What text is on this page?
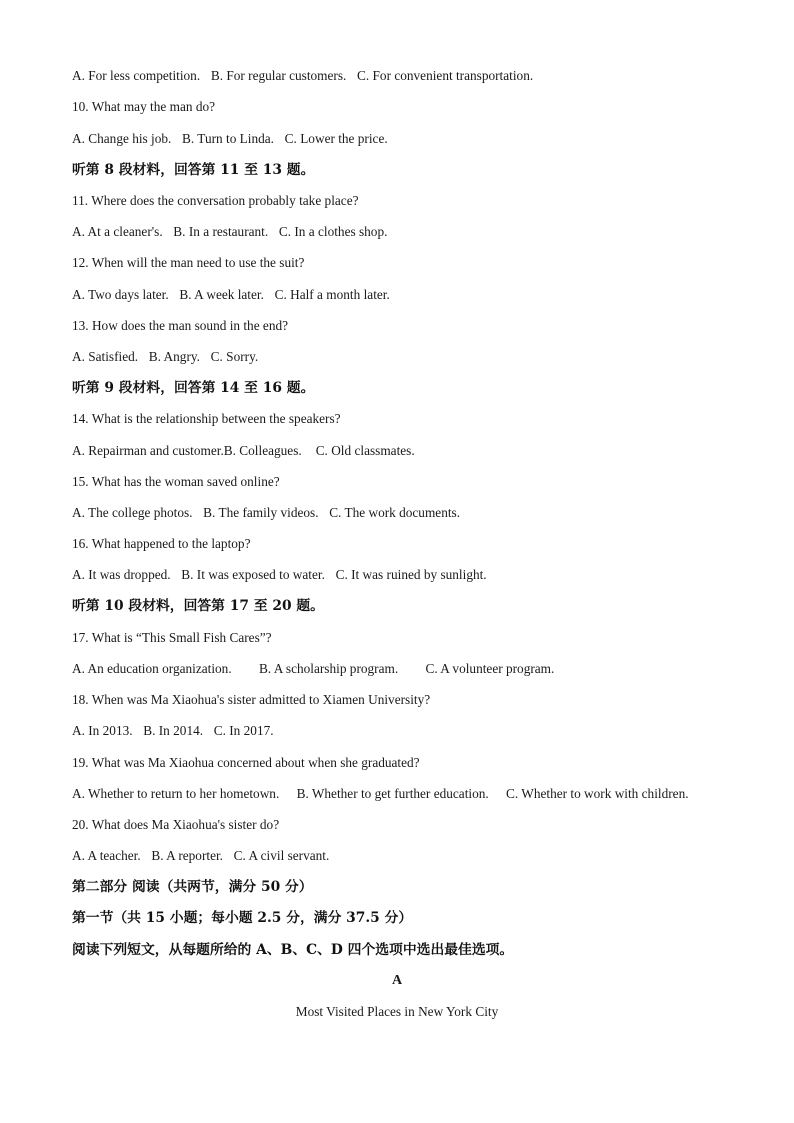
A. For less competition. B. For regular customers. C. For convenient transportation.
10. What may the man do?
A. Change his job. B. Turn to Linda. C. Lower the price.
听第 8 段材料，回答第 11 至 13 题。
11. Where does the conversation probably take place?
A. At a cleaner's. B. In a restaurant. C. In a clothes shop.
12. When will the man need to use the suit?
A. Two days later. B. A week later. C. Half a month later.
13. How does the man sound in the end?
A. Satisfied. B. Angry. C. Sorry.
听第 9 段材料，回答第 14 至 16 题。
14. What is the relationship between the speakers?
A. Repairman and customer.B. Colleagues. C. Old classmates.
15. What has the woman saved online?
A. The college photos. B. The family videos. C. The work documents.
16. What happened to the laptop?
A. It was dropped. B. It was exposed to water. C. It was ruined by sunlight.
听第 10 段材料，回答第 17 至 20 题。
17. What is “This Small Fish Cares”?
A. An education organization. B. A scholarship program. C. A volunteer program.
18. When was Ma Xiaohua's sister admitted to Xiamen University?
A. In 2013. B. In 2014. C. In 2017.
19. What was Ma Xiaohua concerned about when she graduated?
A. Whether to return to her hometown. B. Whether to get further education. C. Whether to work with children.
20. What does Ma Xiaohua's sister do?
A. A teacher. B. A reporter. C. A civil servant.
第二部分 阅读（共两节，满分 50 分）
第一节（共 15 小题；每小题 2.5 分，满分 37.5 分）
阅读下列短文，从每题所给的 A、B、C、D 四个选项中选出最佳选项。
A
Most Visited Places in New York City
